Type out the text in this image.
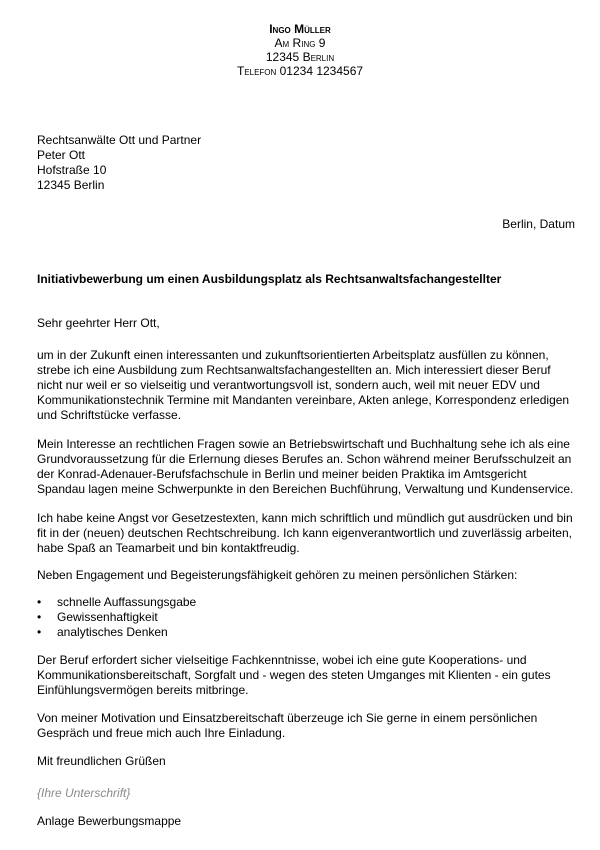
Ingo Müller
Am Ring 9
12345 Berlin
Telefon 01234 1234567
Rechtsanwälte Ott und Partner
Peter Ott
Hofstraße 10
12345 Berlin
Berlin, Datum
Initiativbewerbung um einen Ausbildungsplatz als Rechtsanwaltsfachangestellter

Sehr geehrter Herr Ott,

um in der Zukunft einen interessanten und zukunftsorientierten Arbeitsplatz ausfüllen zu können, strebe ich eine Ausbildung zum Rechtsanwaltsfachangestellten an. Mich interessiert dieser Beruf nicht nur weil er so vielseitig und verantwortungsvoll ist, sondern auch, weil mit neuer EDV und Kommunikationstechnik Termine mit Mandanten vereinbare, Akten anlege, Korrespondenz erledigen und Schriftstücke verfasse.

Mein Interesse an rechtlichen Fragen sowie an Betriebswirtschaft und Buchhaltung sehe ich als eine Grundvoraussetzung für die Erlernung dieses Berufes an. Schon während meiner Berufsschulzeit an der Konrad-Adenauer-Berufsfachschule in Berlin und meiner beiden Praktika im Amtsgericht Spandau lagen meine Schwerpunkte in den Bereichen Buchführung, Verwaltung und Kundenservice.

Ich habe keine Angst vor Gesetzestexten, kann mich schriftlich und mündlich gut ausdrücken und bin fit in der (neuen) deutschen Rechtschreibung. Ich kann eigenverantwortlich und zuverlässig arbeiten, habe Spaß an Teamarbeit und bin kontaktfreudig.

Neben Engagement und Begeisterungsfähigkeit gehören zu meinen persönlichen Stärken:

• schnelle Auffassungsgabe
• Gewissenhaftigkeit
• analytisches Denken

Der Beruf erfordert sicher vielseitige Fachkenntnisse, wobei ich eine gute Kooperations- und Kommunikationsbereitschaft, Sorgfalt und - wegen des steten Umganges mit Klienten - ein gutes Einfühlungsvermögen bereits mitbringe.

Von meiner Motivation und Einsatzbereitschaft überzeuge ich Sie gerne in einem persönlichen Gespräch und freue mich auch Ihre Einladung.

Mit freundlichen Grüßen

{Ihre Unterschrift}

Anlage Bewerbungsmappe
